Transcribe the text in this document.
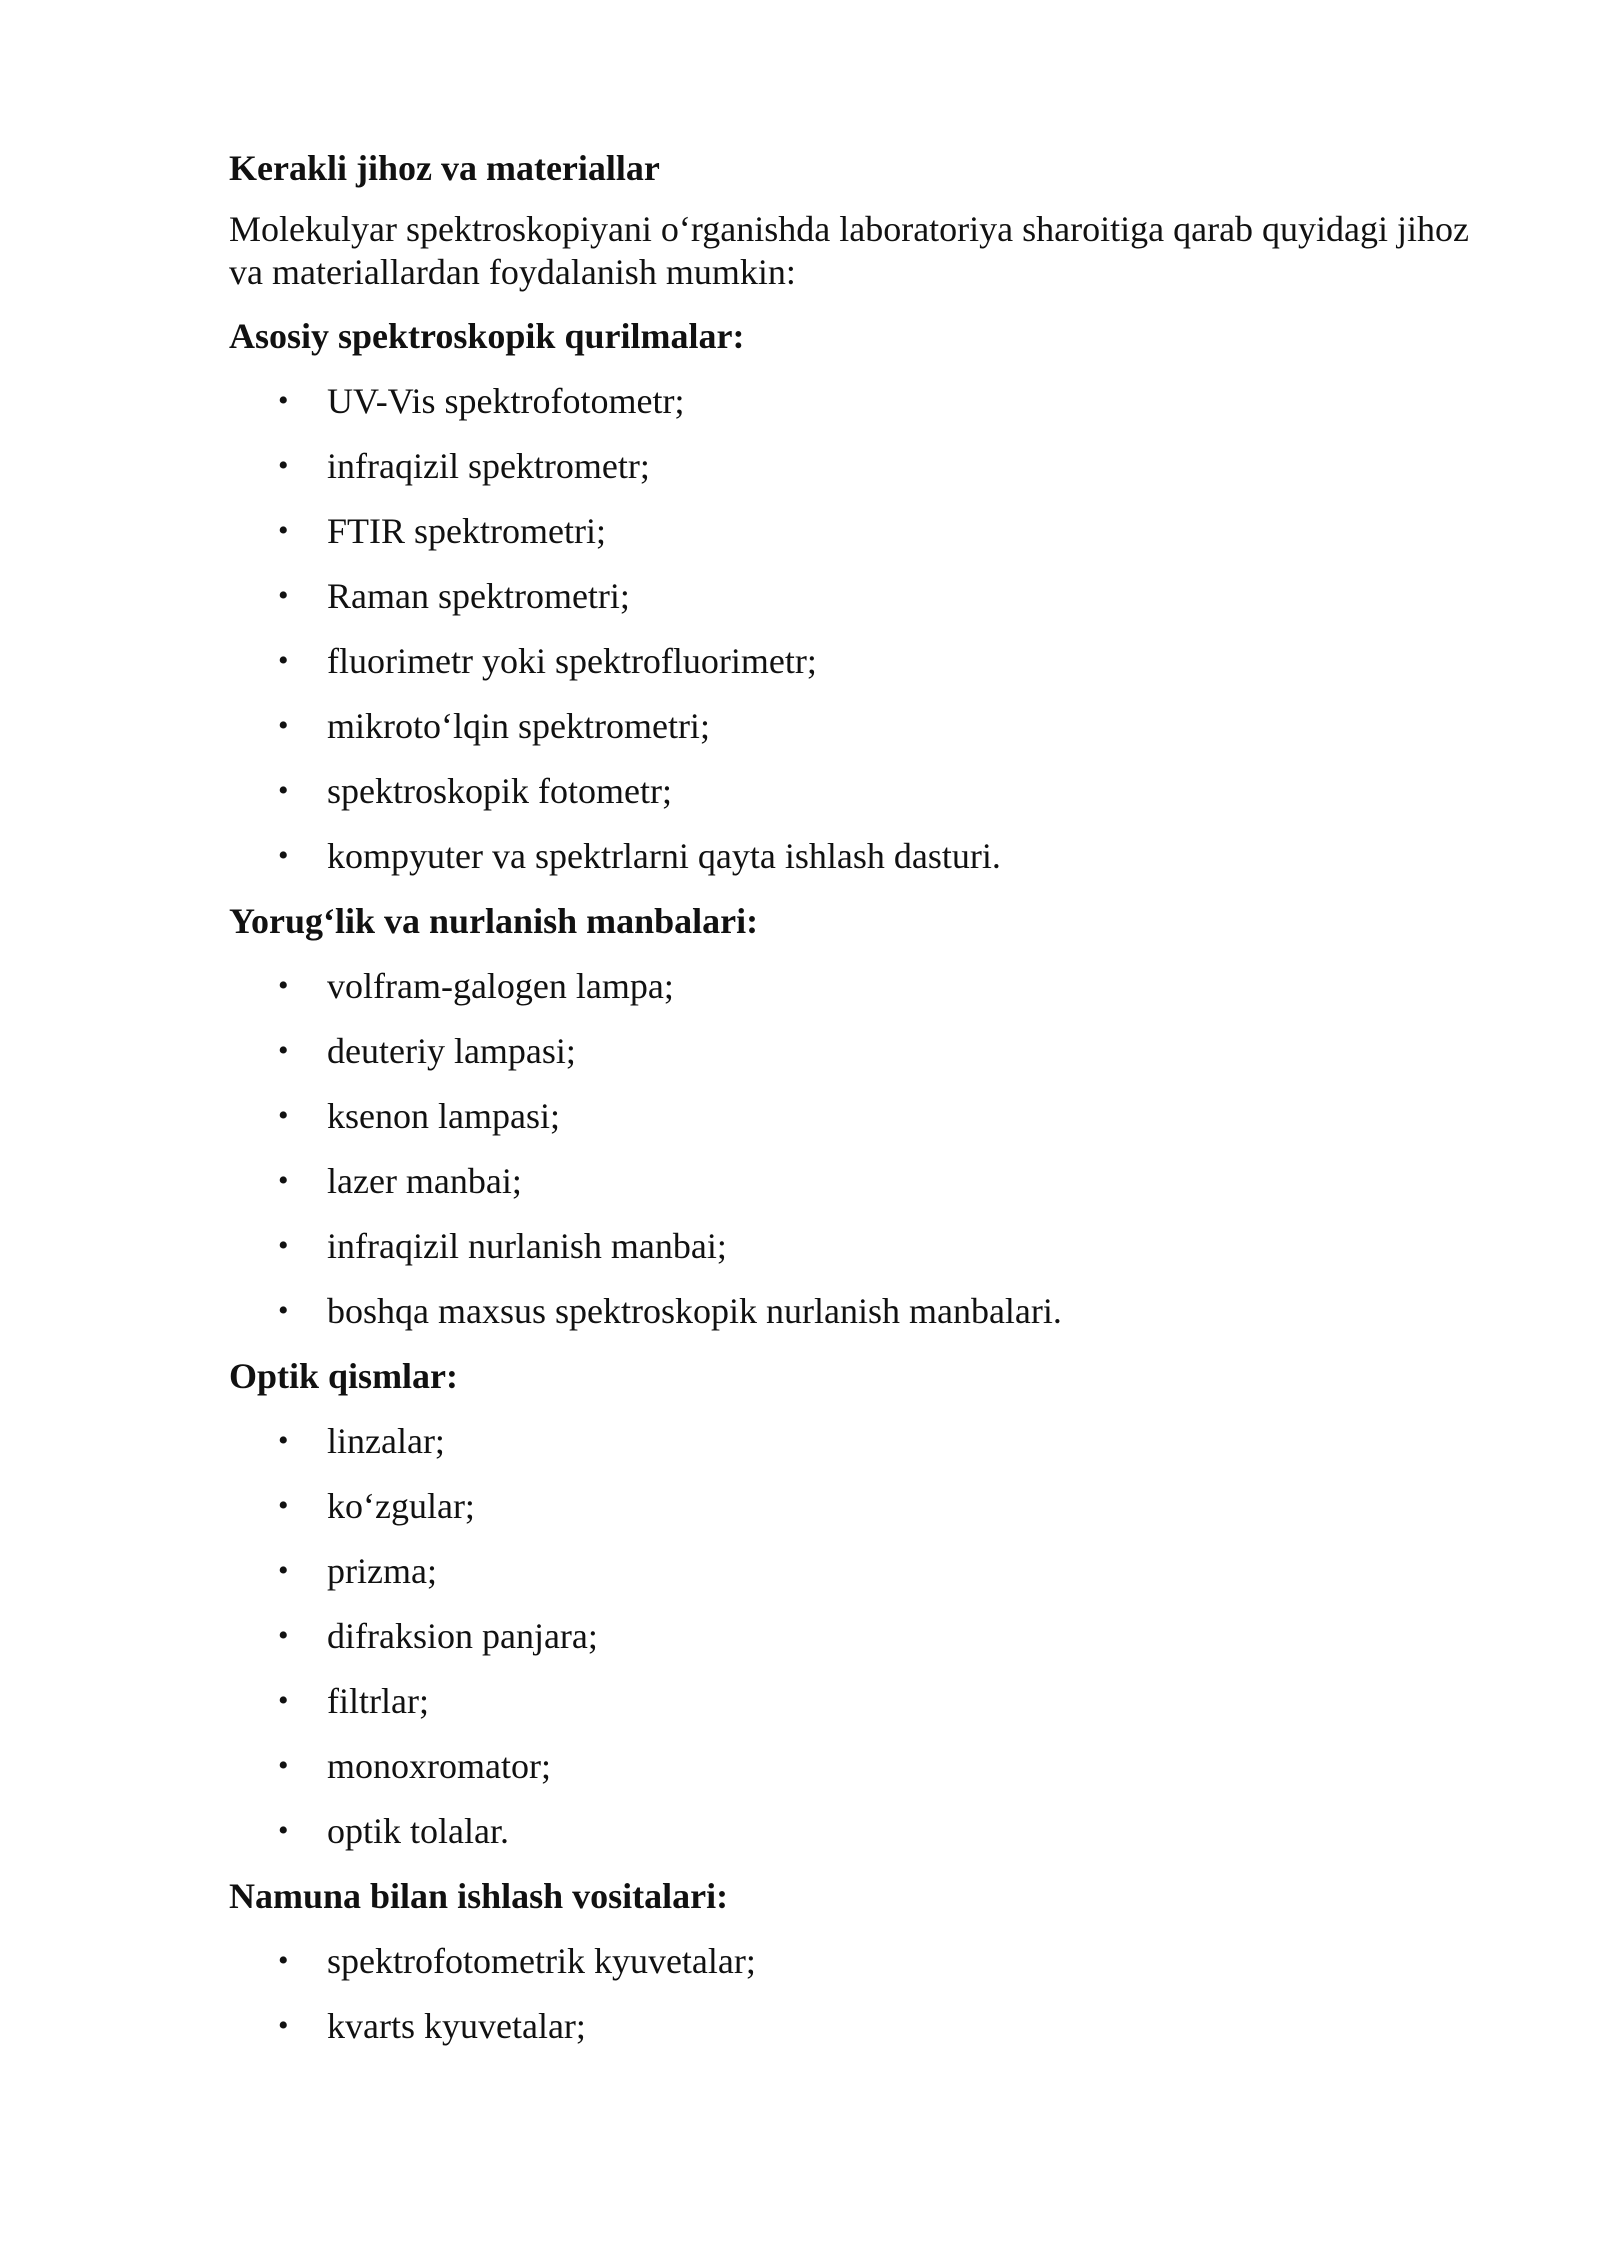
Kerakli jihoz va materiallar
Molekulyar spektroskopiyani o‘rganishda laboratoriya sharoitiga qarab quyidagi jihoz va materiallardan foydalanish mumkin:
Asosiy spektroskopik qurilmalar:
• UV-Vis spektrofotometr;
• infraqizil spektrometr;
• FTIR spektrometri;
• Raman spektrometri;
• fluorimetr yoki spektrofluorimetr;
• mikroto‘lqin spektrometri;
• spektroskopik fotometr;
• kompyuter va spektrlarni qayta ishlash dasturi.
Yorug‘lik va nurlanish manbalari:
• volfram-galogen lampa;
• deuteriy lampasi;
• ksenon lampasi;
• lazer manbai;
• infraqizil nurlanish manbai;
• boshqa maxsus spektroskopik nurlanish manbalari.
Optik qismlar:
• linzalar;
• ko‘zgular;
• prizma;
• difraksion panjara;
• filtrlar;
• monoxromator;
• optik tolalar.
Namuna bilan ishlash vositalari:
• spektrofotometrik kyuvetalar;
• kvarts kyuvetalar;
